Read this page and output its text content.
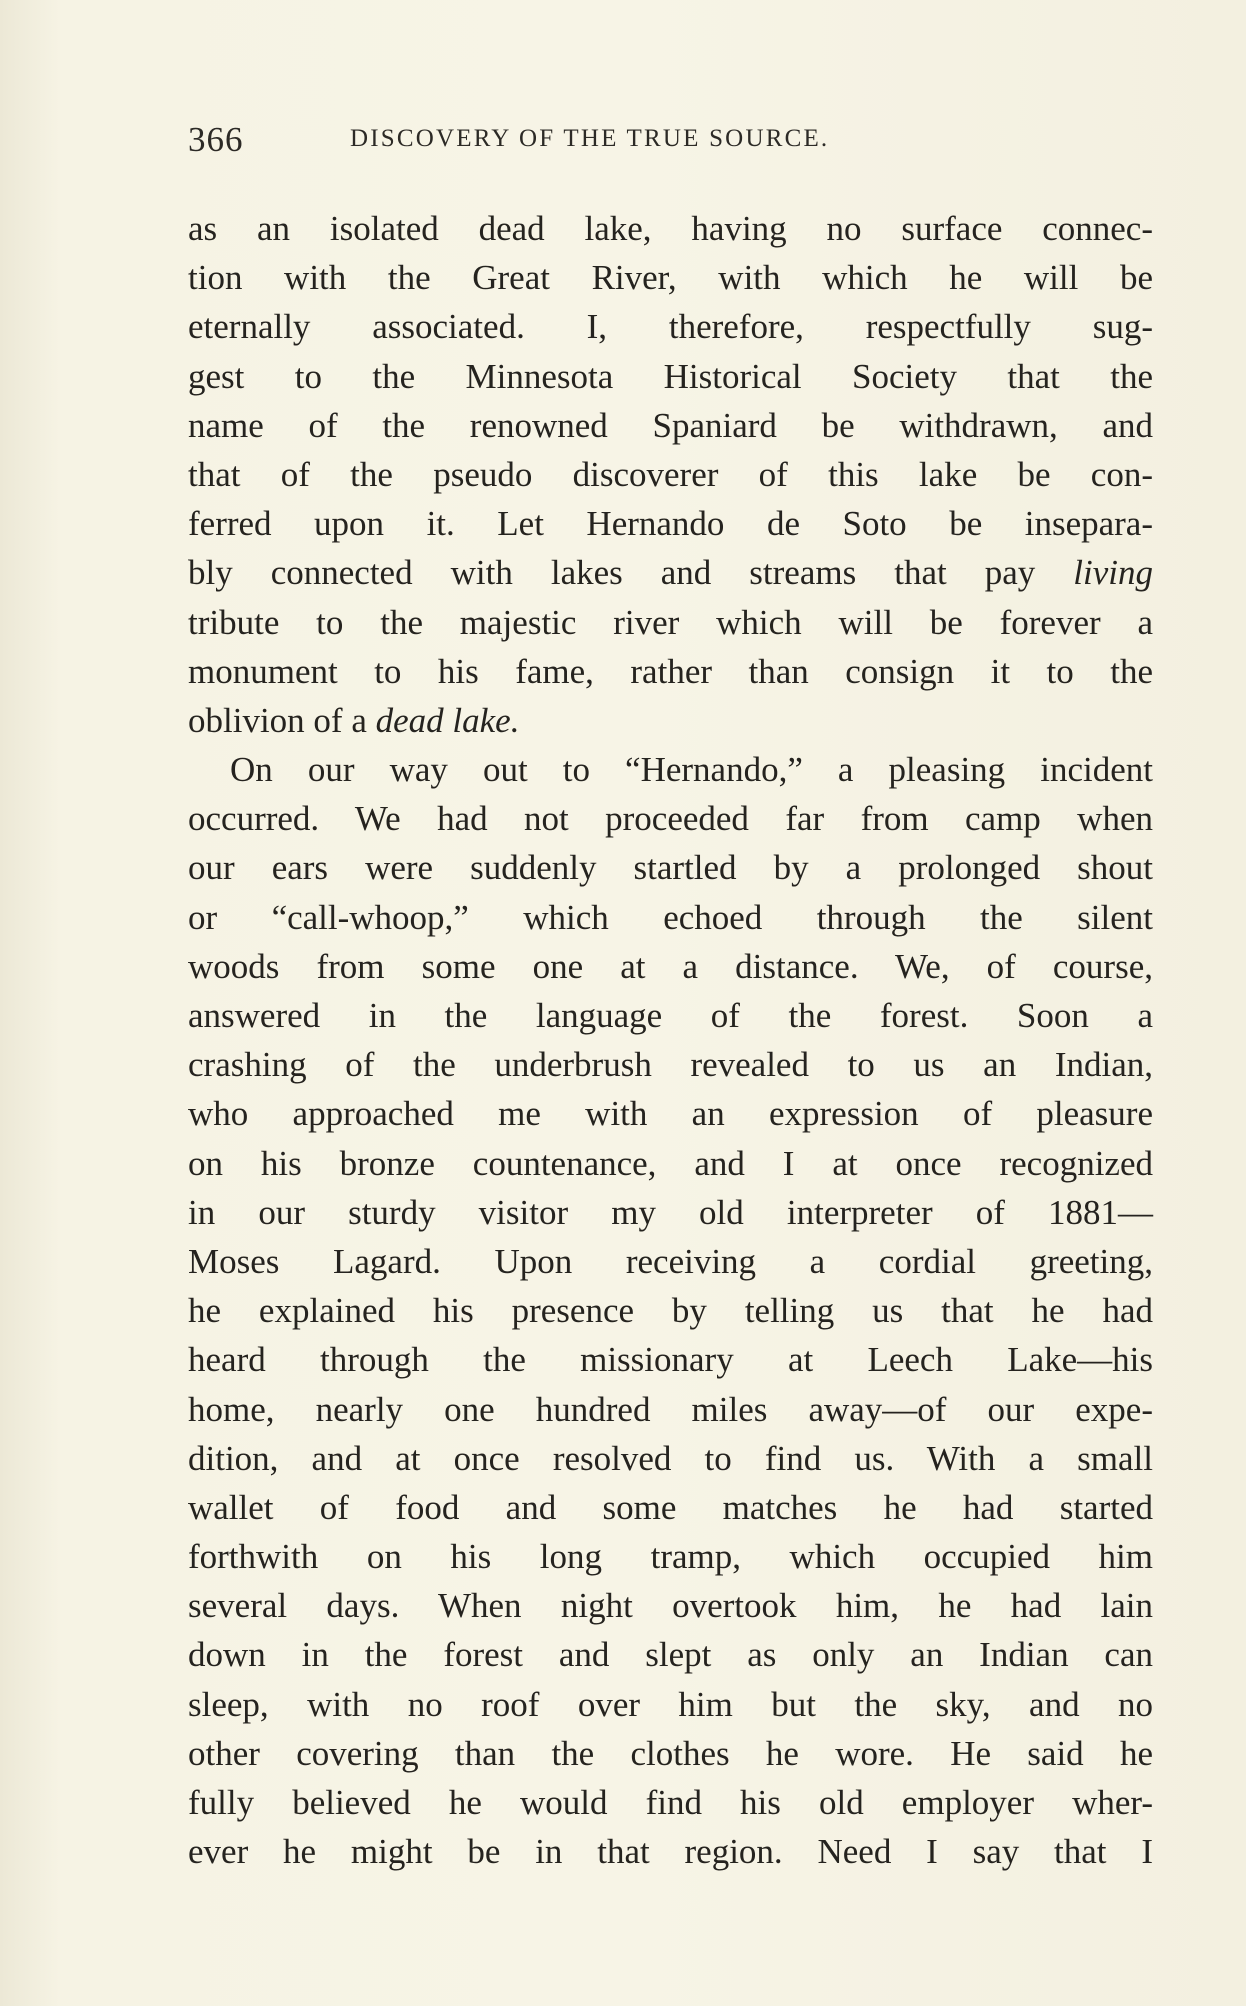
366	DISCOVERY OF THE TRUE SOURCE.
as an isolated dead lake, having no surface connec-
tion with the Great River, with which he will be
eternally associated. I, therefore, respectfully sug-
gest to the Minnesota Historical Society that the
name of the renowned Spaniard be withdrawn, and
that of the pseudo discoverer of this lake be con-
ferred upon it. Let Hernando de Soto be insepara-
bly connected with lakes and streams that pay living
tribute to the majestic river which will be forever a
monument to his fame, rather than consign it to the
oblivion of a dead lake.
On our way out to “Hernando,” a pleasing incident
occurred. We had not proceeded far from camp when
our ears were suddenly startled by a prolonged shout
or “call-whoop,” which echoed through the silent
woods from some one at a distance. We, of course,
answered in the language of the forest. Soon a
crashing of the underbrush revealed to us an Indian,
who approached me with an expression of pleasure
on his bronze countenance, and I at once recognized
in our sturdy visitor my old interpreter of 1881—
Moses Lagard. Upon receiving a cordial greeting,
he explained his presence by telling us that he had
heard through the missionary at Leech Lake—his
home, nearly one hundred miles away—of our expe-
dition, and at once resolved to find us. With a small
wallet of food and some matches he had started
forthwith on his long tramp, which occupied him
several days. When night overtook him, he had lain
down in the forest and slept as only an Indian can
sleep, with no roof over him but the sky, and no
other covering than the clothes he wore. He said he
fully believed he would find his old employer wher-
ever he might be in that region. Need I say that I
